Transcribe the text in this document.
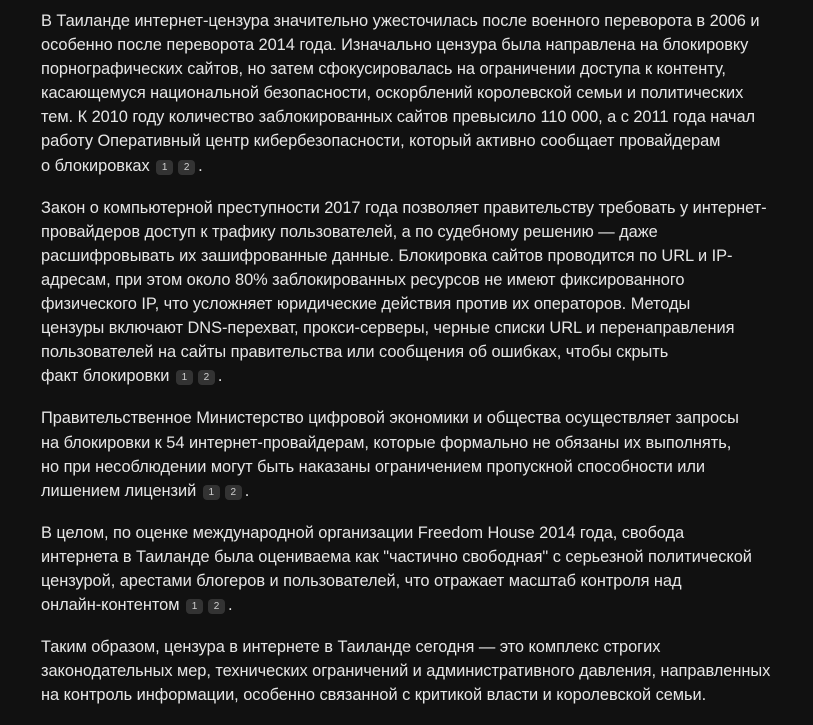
В Таиланде интернет-цензура значительно ужесточилась после военного переворота в 2006 и
особенно после переворота 2014 года. Изначально цензура была направлена на блокировку
порнографических сайтов, но затем сфокусировалась на ограничении доступа к контенту,
касающемуся национальной безопасности, оскорблений королевской семьи и политических
тем. К 2010 году количество заблокированных сайтов превысило 110 000, а с 2011 года начал
работу Оперативный центр кибербезопасности, который активно сообщает провайдерам
о блокировках 1 2 .

Закон о компьютерной преступности 2017 года позволяет правительству требовать у интернет-
провайдеров доступ к трафику пользователей, а по судебному решению — даже
расшифровывать их зашифрованные данные. Блокировка сайтов проводится по URL и IP-
адресам, при этом около 80% заблокированных ресурсов не имеют фиксированного
физического IP, что усложняет юридические действия против их операторов. Методы
цензуры включают DNS-перехват, прокси-серверы, черные списки URL и перенаправления
пользователей на сайты правительства или сообщения об ошибках, чтобы скрыть
факт блокировки 1 2 .

Правительственное Министерство цифровой экономики и общества осуществляет запросы
на блокировки к 54 интернет-провайдерам, которые формально не обязаны их выполнять,
но при несоблюдении могут быть наказаны ограничением пропускной способности или
лишением лицензий 1 2 .

В целом, по оценке международной организации Freedom House 2014 года, свобода
интернета в Таиланде была оцениваема как "частично свободная" с серьезной политической
цензурой, арестами блогеров и пользователей, что отражает масштаб контроля над
онлайн-контентом 1 2 .

Таким образом, цензура в интернете в Таиланде сегодня — это комплекс строгих
законодательных мер, технических ограничений и административного давления, направленных
на контроль информации, особенно связанной с критикой власти и королевской семьи.
